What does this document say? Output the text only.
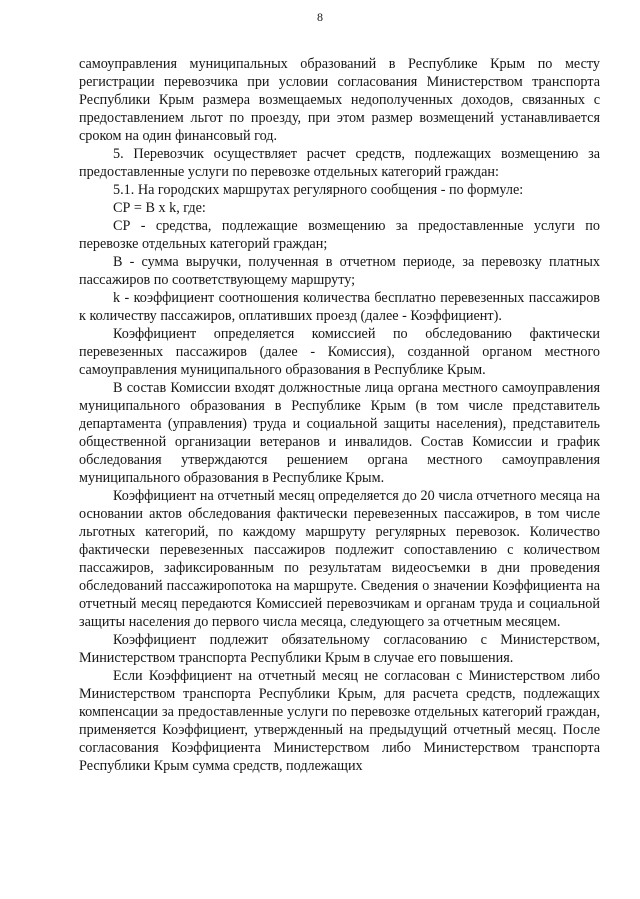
8

самоуправления муниципальных образований в Республике Крым по месту регистрации перевозчика при условии согласования Министерством транспорта Республики Крым размера возмещаемых недополученных доходов, связанных с предоставлением льгот по проезду, при этом размер возмещений устанавливается сроком на один финансовый год.

5. Перевозчик осуществляет расчет средств, подлежащих возмещению за предоставленные услуги по перевозке отдельных категорий граждан:

5.1. На городских маршрутах регулярного сообщения - по формуле:

СР = В х k, где:

СР - средства, подлежащие возмещению за предоставленные услуги по перевозке отдельных категорий граждан;

В - сумма выручки, полученная в отчетном периоде, за перевозку платных пассажиров по соответствующему маршруту;

k - коэффициент соотношения количества бесплатно перевезенных пассажиров к количеству пассажиров, оплативших проезд (далее - Коэффициент).

Коэффициент определяется комиссией по обследованию фактически перевезенных пассажиров (далее - Комиссия), созданной органом местного самоуправления муниципального образования в Республике Крым.

В состав Комиссии входят должностные лица органа местного самоуправления муниципального образования в Республике Крым (в том числе представитель департамента (управления) труда и социальной защиты населения), представитель общественной организации ветеранов и инвалидов. Состав Комиссии и график обследования утверждаются решением органа местного самоуправления муниципального образования в Республике Крым.

Коэффициент на отчетный месяц определяется до 20 числа отчетного месяца на основании актов обследования фактически перевезенных пассажиров, в том числе льготных категорий, по каждому маршруту регулярных перевозок. Количество фактически перевезенных пассажиров подлежит сопоставлению с количеством пассажиров, зафиксированным по результатам видеосъемки в дни проведения обследований пассажиропотока на маршруте. Сведения о значении Коэффициента на отчетный месяц передаются Комиссией перевозчикам и органам труда и социальной защиты населения до первого числа месяца, следующего за отчетным месяцем.

Коэффициент подлежит обязательному согласованию с Министерством, Министерством транспорта Республики Крым в случае его повышения.

Если Коэффициент на отчетный месяц не согласован с Министерством либо Министерством транспорта Республики Крым, для расчета средств, подлежащих компенсации за предоставленные услуги по перевозке отдельных категорий граждан, применяется Коэффициент, утвержденный на предыдущий отчетный месяц. После согласования Коэффициента Министерством либо Министерством транспорта Республики Крым сумма средств, подлежащих
